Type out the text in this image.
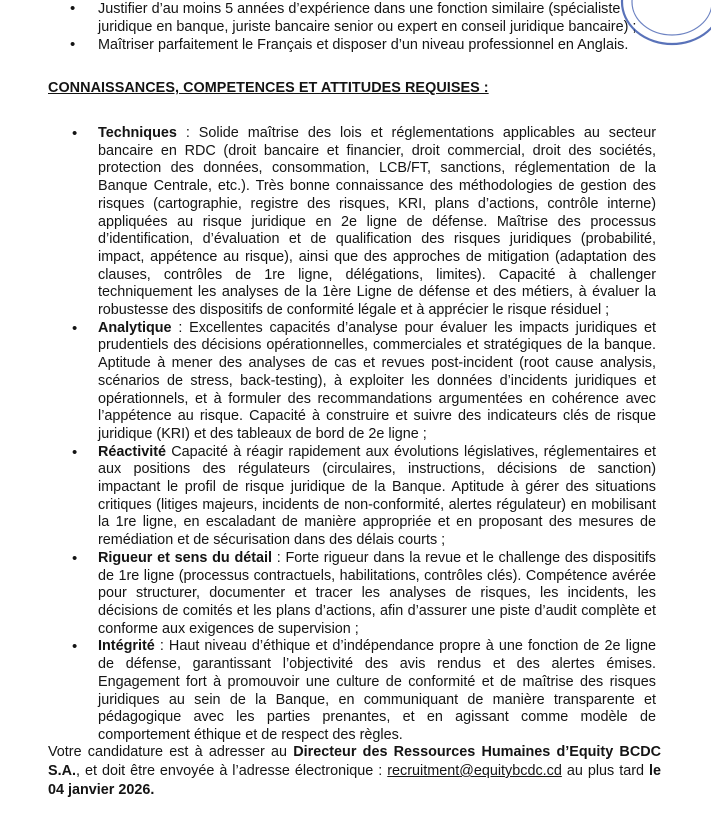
• Justifier d’au moins 5 années d’expérience dans une fonction similaire (spécialiste juridique en banque, juriste bancaire senior ou expert en conseil juridique bancaire) ;
• Maîtriser parfaitement le Français et disposer d’un niveau professionnel en Anglais.

CONNAISSANCES, COMPETENCES ET ATTITUDES REQUISES :

• Techniques : Solide maîtrise des lois et réglementations applicables au secteur bancaire en RDC (droit bancaire et financier, droit commercial, droit des sociétés, protection des données, consommation, LCB/FT, sanctions, réglementation de la Banque Centrale, etc.). Très bonne connaissance des méthodologies de gestion des risques (cartographie, registre des risques, KRI, plans d’actions, contrôle interne) appliquées au risque juridique en 2e ligne de défense. Maîtrise des processus d’identification, d’évaluation et de qualification des risques juridiques (probabilité, impact, appétence au risque), ainsi que des approches de mitigation (adaptation des clauses, contrôles de 1re ligne, délégations, limites). Capacité à challenger techniquement les analyses de la 1ère Ligne de défense et des métiers, à évaluer la robustesse des dispositifs de conformité légale et à apprécier le risque résiduel ;
• Analytique : Excellentes capacités d’analyse pour évaluer les impacts juridiques et prudentiels des décisions opérationnelles, commerciales et stratégiques de la banque. Aptitude à mener des analyses de cas et revues post-incident (root cause analysis, scénarios de stress, back-testing), à exploiter les données d’incidents juridiques et opérationnels, et à formuler des recommandations argumentées en cohérence avec l’appétence au risque. Capacité à construire et suivre des indicateurs clés de risque juridique (KRI) et des tableaux de bord de 2e ligne ;
• Réactivité Capacité à réagir rapidement aux évolutions législatives, réglementaires et aux positions des régulateurs (circulaires, instructions, décisions de sanction) impactant le profil de risque juridique de la Banque. Aptitude à gérer des situations critiques (litiges majeurs, incidents de non-conformité, alertes régulateur) en mobilisant la 1re ligne, en escaladant de manière appropriée et en proposant des mesures de remédiation et de sécurisation dans des délais courts ;
• Rigueur et sens du détail : Forte rigueur dans la revue et le challenge des dispositifs de 1re ligne (processus contractuels, habilitations, contrôles clés). Compétence avérée pour structurer, documenter et tracer les analyses de risques, les incidents, les décisions de comités et les plans d’actions, afin d’assurer une piste d’audit complète et conforme aux exigences de supervision ;
• Intégrité : Haut niveau d’éthique et d’indépendance propre à une fonction de 2e ligne de défense, garantissant l’objectivité des avis rendus et des alertes émises. Engagement fort à promouvoir une culture de conformité et de maîtrise des risques juridiques au sein de la Banque, en communiquant de manière transparente et pédagogique avec les parties prenantes, et en agissant comme modèle de comportement éthique et de respect des règles.

Votre candidature est à adresser au Directeur des Ressources Humaines d’Equity BCDC S.A., et doit être envoyée à l’adresse électronique : recruitment@equitybcdc.cd au plus tard le 04 janvier 2026.
